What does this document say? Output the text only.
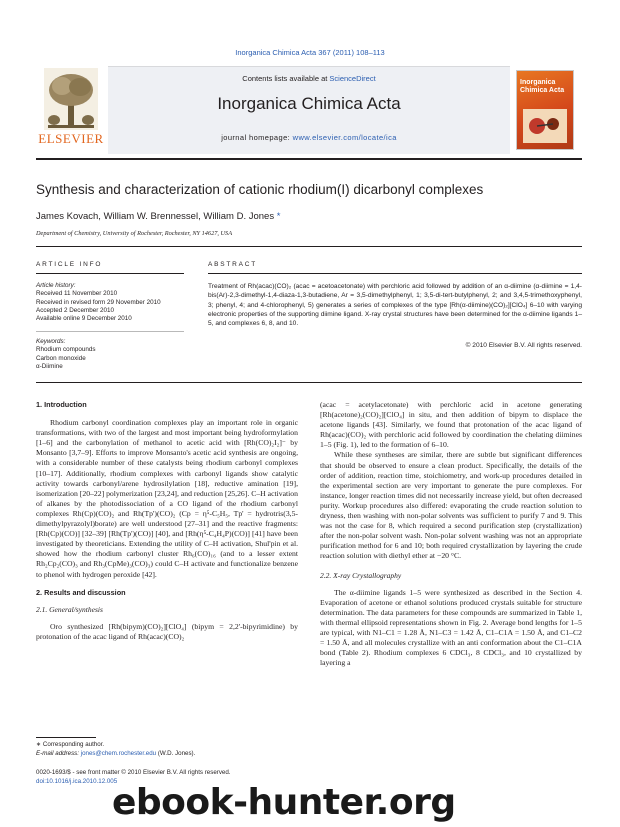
Inorganica Chimica Acta 367 (2011) 108–113
ELSEVIER
Contents lists available at ScienceDirect
Inorganica Chimica Acta
journal homepage: www.elsevier.com/locate/ica
Inorganica Chimica Acta
Synthesis and characterization of cationic rhodium(I) dicarbonyl complexes
James Kovach, William W. Brennessel, William D. Jones *
Department of Chemistry, University of Rochester, Rochester, NY 14627, USA
ARTICLE INFO	ABSTRACT
Article history:
Received 11 November 2010
Received in revised form 29 November 2010
Accepted 2 December 2010
Available online 9 December 2010
Keywords:
Rhodium compounds
Carbon monoxide
α-Diimine
Treatment of Rh(acac)(CO)₂ (acac = acetoacetonate) with perchloric acid followed by addition of an α-diimine (α-diimine = 1,4-bis(Ar)-2,3-dimethyl-1,4-diaza-1,3-butadiene, Ar = 3,5-dimethylphenyl, 1; 3,5-di-tert-butylphenyl, 2; and 3,4,5-trimethoxyphenyl, 3; phenyl, 4; and 4-chlorophenyl, 5) generates a series of complexes of the type [Rh(α-diimine)(CO)₂][ClO₄] 6–10 with varying electronic properties of the supporting diimine ligand. X-ray crystal structures have been determined for the α-diimine ligands 1–5, and complexes 6, 8, and 10.
© 2010 Elsevier B.V. All rights reserved.
1. Introduction
Rhodium carbonyl coordination complexes play an important role in organic transformations, with two of the largest and most important being hydroformylation [1–6] and the carbonylation of methanol to acetic acid with [Rh(CO)₂I₂]⁻ by Monsanto [3,7–9]. Efforts to improve Monsanto's acetic acid synthesis are ongoing, with a considerable number of these catalysts being rhodium carbonyl complexes [10–17]. Additionally, rhodium complexes with carbonyl ligands show catalytic activity towards carbonyl/arene hydrosilylation [18], reductive amination [19], isomerization [20–22] polymerization [23,24], and reduction [25,26]. C–H activation of alkanes by the photodissociation of a CO ligand of the rhodium carbonyl complexes Rh(Cp)(CO)₂ and Rh(Tp')(CO)₂ (Cp = η⁵-C₅H₅, Tp' = hydrotris(3,5-dimethylpyrazolyl)borate) are well understood [27–31] and the reactive fragments: [Rh(Cp)(CO)] [32–39] [Rh(Tp')(CO)] [40], and [Rh(η⁵-C₄H₄P)(CO)] [41] have been investigated by theoreticians. Extending the utility of C–H activation, Shul'pin et al. showed how the rhodium carbonyl cluster Rh₆(CO)₁₆ (and to a lesser extent Rh₂Cp₂(CO)₃ and Rh₃(CpMe)₃(CO)₃) could C–H activate and functionalize benzene to phenol with hydrogen peroxide [42].
2. Results and discussion
2.1. General/synthesis
Oro synthesized [Rh(bipym)(CO)₂][ClO₄] (bipym = 2,2'-bipyrimidine) by protonation of the acac ligand of Rh(acac)(CO)₂
(acac = acetylacetonate) with perchloric acid in acetone generating [Rh(acetone)₂(CO)₂][ClO₄] in situ, and then addition of bipym to displace the acetone ligands [43]. Similarly, we found that protonation of the acac ligand of Rh(acac)(CO)₂ with perchloric acid followed by coordination the chelating diimines 1–5 (Fig. 1), led to the formation of 6–10.
While these syntheses are similar, there are subtle but significant differences that should be observed to ensure a clean product. Specifically, the details of the order of addition, reaction time, stoichiometry, and work-up procedures detailed in the experimental section are very important to generate the pure complexes. For instance, longer reaction times did not necessarily increase yield, but often decreased purity. Workup procedures also differed: evaporating the crude reaction solution to dryness, then washing with non-polar solvents was sufficient to purify 7 and 9. This was not the case for 8, which required a second purification step (crystallization) after the non-polar solvent wash. Non-polar solvent washing was not an appropriate purification method for 6 and 10; both required crystallization by layering the crude reaction solution with diethyl ether at −20 °C.
2.2. X-ray Crystallography
The α-diimine ligands 1–5 were synthesized as described in the Section 4. Evaporation of acetone or ethanol solutions produced crystals suitable for structure determination. The data parameters for these compounds are summarized in Table 1, with thermal ellipsoid representations shown in Fig. 2. Average bond lengths for 1–5 are typical, with N1–C1 = 1.28 Å, N1–C3 = 1.42 Å, C1–C1A = 1.50 Å, and C1–C2 = 1.50 Å, and all molecules crystallize with an anti conformation about the C1–C1A bond (Table 2). Rhodium complexes 6 CDCl₃, 8 CDCl₃, and 10 crystallized by layering a
∗ Corresponding author.
E-mail address: jones@chem.rochester.edu (W.D. Jones).
0020-1693/$ - see front matter © 2010 Elsevier B.V. All rights reserved.
doi:10.1016/j.ica.2010.12.005
ebook-hunter.org
